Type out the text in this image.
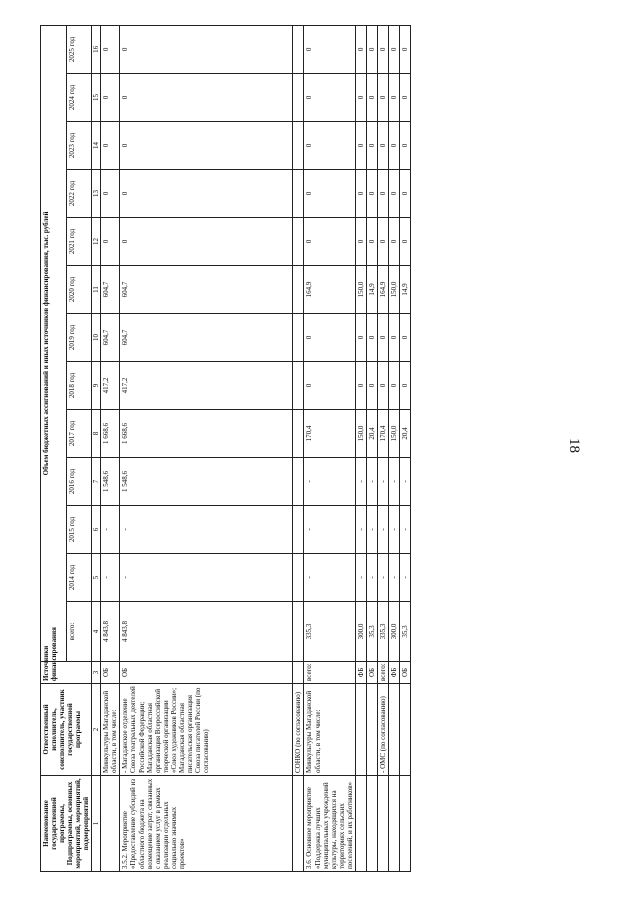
18
Наименование государственной программы, Подпрограммы, основных мероприятий, мероприятий, подмероприятий	Ответственный исполнитель, соисполнитель, участник государственной программы	Источники финансирования	Объем бюджетных ассигнований и иных источников финансирования, тыс. рублей												
			всего:	2014 год	2015 год	2016 год	2017 год	2018 год	2019 год	2020 год	2021 год	2022 год	2023 год	2024 год	2025 год
1	2	3	4	5	6	7	8	9	10	11	12	13	14	15	16
	Минкультуры Магаданской области, в том числе:	ОБ	4 843,8	-	-	1 548,6	1 668,6	417,2	604,7	604,7	0	0	0	0	0
3.5.2. Мероприятие «Предоставление субсидий из областного бюджета на возмещение затрат, связанных с оказанием услуг в рамках реализации отдельных социально значимых проектов»	- Магаданское отделение Союза театральных деятелей Российской Федерации; Магаданская областная организация Всероссийской творческой организации «Союз художников России»; Магаданская областная писательская организация Союза писателей России (по согласованию)	ОБ	4 843,8	-	-	1 548,6	1 668,6	417,2	604,7	604,7	0	0	0	0	0
	СОНКО (по согласованию)														
3.6. Основное мероприятие «Поддержка лучших муниципальных учреждений культуры, находящихся на территориях сельских поселений, и их работников»	Минкультуры Магаданской области, в том числе:	всего:	335,3	-	-	-	170,4	0	0	164,9	0	0	0	0	0
		ФБ	300,0	-	-	-	150,0	0	0	150,0	0	0	0	0	0
		ОБ	35,3	-	-	-	20,4	0	0	14,9	0	0	0	0	0
	- ОМС (по согласованию)	всего:	335,3	-	-	-	170,4	0	0	164,9	0	0	0	0	0
		ФБ	300,0	-	-	-	150,0	0	0	150,0	0	0	0	0	0
		ОБ	35,3	-	-	-	20,4	0	0	14,9	0	0	0	0	0
